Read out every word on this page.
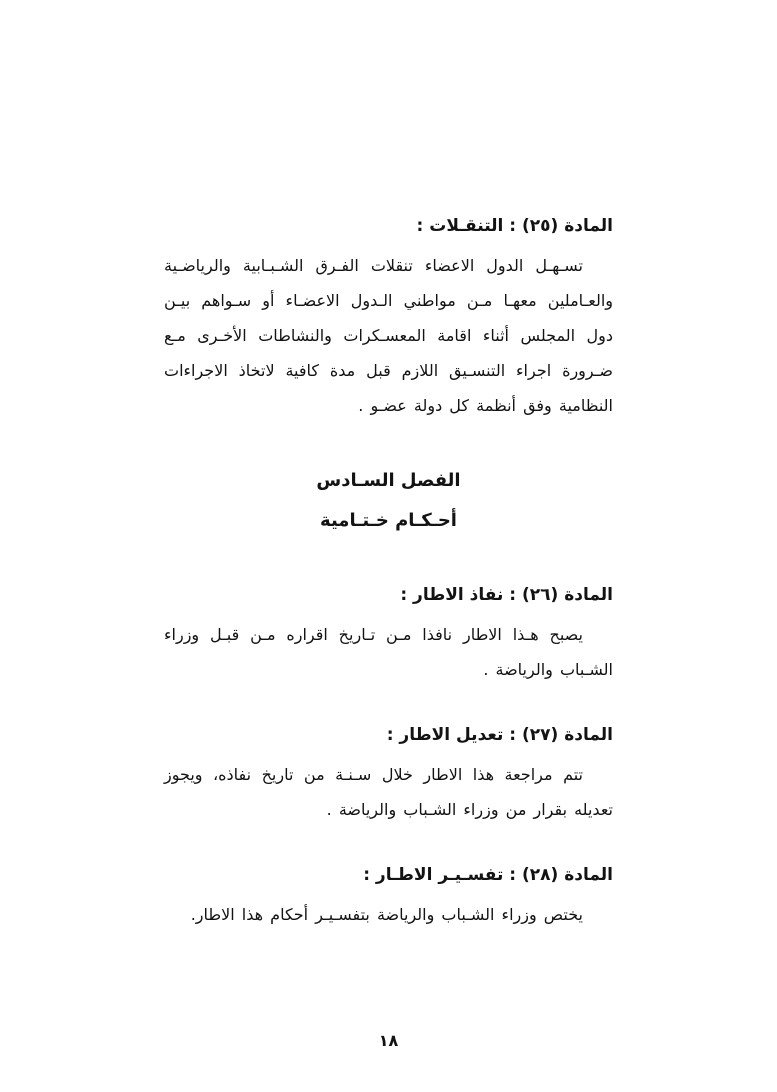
المادة (٢٥) : التنقـلات :

تسـهـل الدول الاعضاء تنقلات الفـرق الشـبـابية والرياضـية والعـاملين معهـا مـن مواطني الـدول الاعضـاء أو سـواهم بيـن دول المجلس أثناء اقامة المعسـكرات والنشاطات الأخـرى مـع ضـرورة اجراء التنسـيق اللازم قبل مدة كافية لاتخاذ الاجراءات النظامية وفق أنظمة كل دولة عضـو .

الفصل السـادس
أحـكـام خـتـامية
المادة (٢٦) : نفاذ الاطار :

يصبح هـذا الاطار نافذا مـن تـاريخ اقراره مـن قبـل وزراء الشـباب والرياضة .

المادة (٢٧) : تعديل الاطار :

تتم مراجعة هذا الاطار خلال سـنـة من تاريخ نفاذه، ويجوز تعديله بقرار من وزراء الشـباب والرياضة .

المادة (٢٨) : تفسـيـر الاطـار :

يختص وزراء الشـباب والرياضة بتفسـيـر أحكام هذا الاطار.

١٨
